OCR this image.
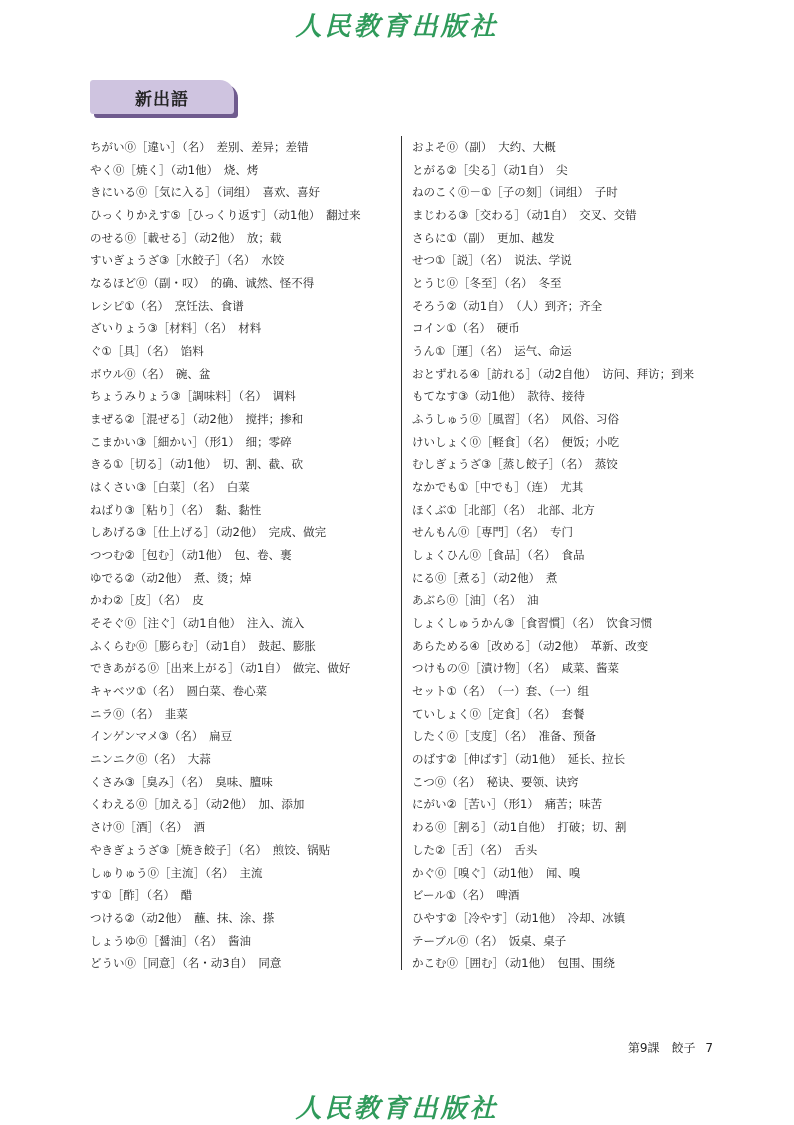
人民教育出版社
新出語
ちがい⓪［違い］（名）　差别、差异；差错
やく⓪［焼く］（动1他）　烧、烤
きにいる⓪［気に入る］（词组）　喜欢、喜好
ひっくりかえす⑤［ひっくり返す］（动1他）　翻过来
のせる⓪［載せる］（动2他）　放；载
すいぎょうざ③［水餃子］（名）　水饺
なるほど⓪（副・叹）　的确、诚然、怪不得
レシピ①（名）　烹饪法、食谱
ざいりょう③［材料］（名）　材料
ぐ①［具］（名）　馅料
ボウル⓪（名）　碗、盆
ちょうみりょう③［調味料］（名）　调料
まぜる②［混ぜる］（动2他）　搅拌；掺和
こまかい③［細かい］（形1）　细；零碎
きる①［切る］（动1他）　切、割、截、砍
はくさい③［白菜］（名）　白菜
ねばり③［粘り］（名）　黏、黏性
しあげる③［仕上げる］（动2他）　完成、做完
つつむ②［包む］（动1他）　包、卷、裹
ゆでる②（动2他）　煮、烫；焯
かわ②［皮］（名）　皮
そそぐ⓪［注ぐ］（动1自他）　注入、流入
ふくらむ⓪［膨らむ］（动1自）　鼓起、膨胀
できあがる⓪［出来上がる］（动1自）　做完、做好
キャベツ①（名）　圆白菜、卷心菜
ニラ⓪（名）　韭菜
インゲンマメ③（名）　扁豆
ニンニク⓪（名）　大蒜
くさみ③［臭み］（名）　臭味、膻味
くわえる⓪［加える］（动2他）　加、添加
さけ⓪［酒］（名）　酒
やきぎょうざ③［焼き餃子］（名）　煎饺、锅贴
しゅりゅう⓪［主流］（名）　主流
す①［酢］（名）　醋
つける②（动2他）　蘸、抹、涂、搽
しょうゆ⓪［醤油］（名）　酱油
どうい⓪［同意］（名・动3自）　同意
およそ⓪（副）　大约、大概
とがる②［尖る］（动1自）　尖
ねのこく⓪－①［子の刻］（词组）　子时
まじわる③［交わる］（动1自）　交叉、交错
さらに①（副）　更加、越发
せつ①［説］（名）　说法、学说
とうじ⓪［冬至］（名）　冬至
そろう②（动1自）　（人）到齐；齐全
コイン①（名）　硬币
うん①［運］（名）　运气、命运
おとずれる④［訪れる］（动2自他）　访问、拜访；到来
もてなす③（动1他）　款待、接待
ふうしゅう⓪［風習］（名）　风俗、习俗
けいしょく⓪［軽食］（名）　便饭；小吃
むしぎょうざ③［蒸し餃子］（名）　蒸饺
なかでも①［中でも］（连）　尤其
ほくぶ①［北部］（名）　北部、北方
せんもん⓪［専門］（名）　专门
しょくひん⓪［食品］（名）　食品
にる⓪［煮る］（动2他）　煮
あぶら⓪［油］（名）　油
しょくしゅうかん③［食習慣］（名）　饮食习惯
あらためる④［改める］（动2他）　革新、改变
つけもの⓪［漬け物］（名）　咸菜、酱菜
セット①（名）　（一）套、（一）组
ていしょく⓪［定食］（名）　套餐
したく⓪［支度］（名）　准备、预备
のばす②［伸ばす］（动1他）　延长、拉长
こつ⓪（名）　秘诀、要领、诀窍
にがい②［苦い］（形1）　痛苦；味苦
わる⓪［割る］（动1自他）　打破；切、割
した②［舌］（名）　舌头
かぐ⓪［嗅ぐ］（动1他）　闻、嗅
ビール①（名）　啤酒
ひやす②［冷やす］（动1他）　冷却、冰镇
テーブル⓪（名）　饭桌、桌子
かこむ⓪［囲む］（动1他）　包围、围绕
第9課　餃子 7
人民教育出版社
